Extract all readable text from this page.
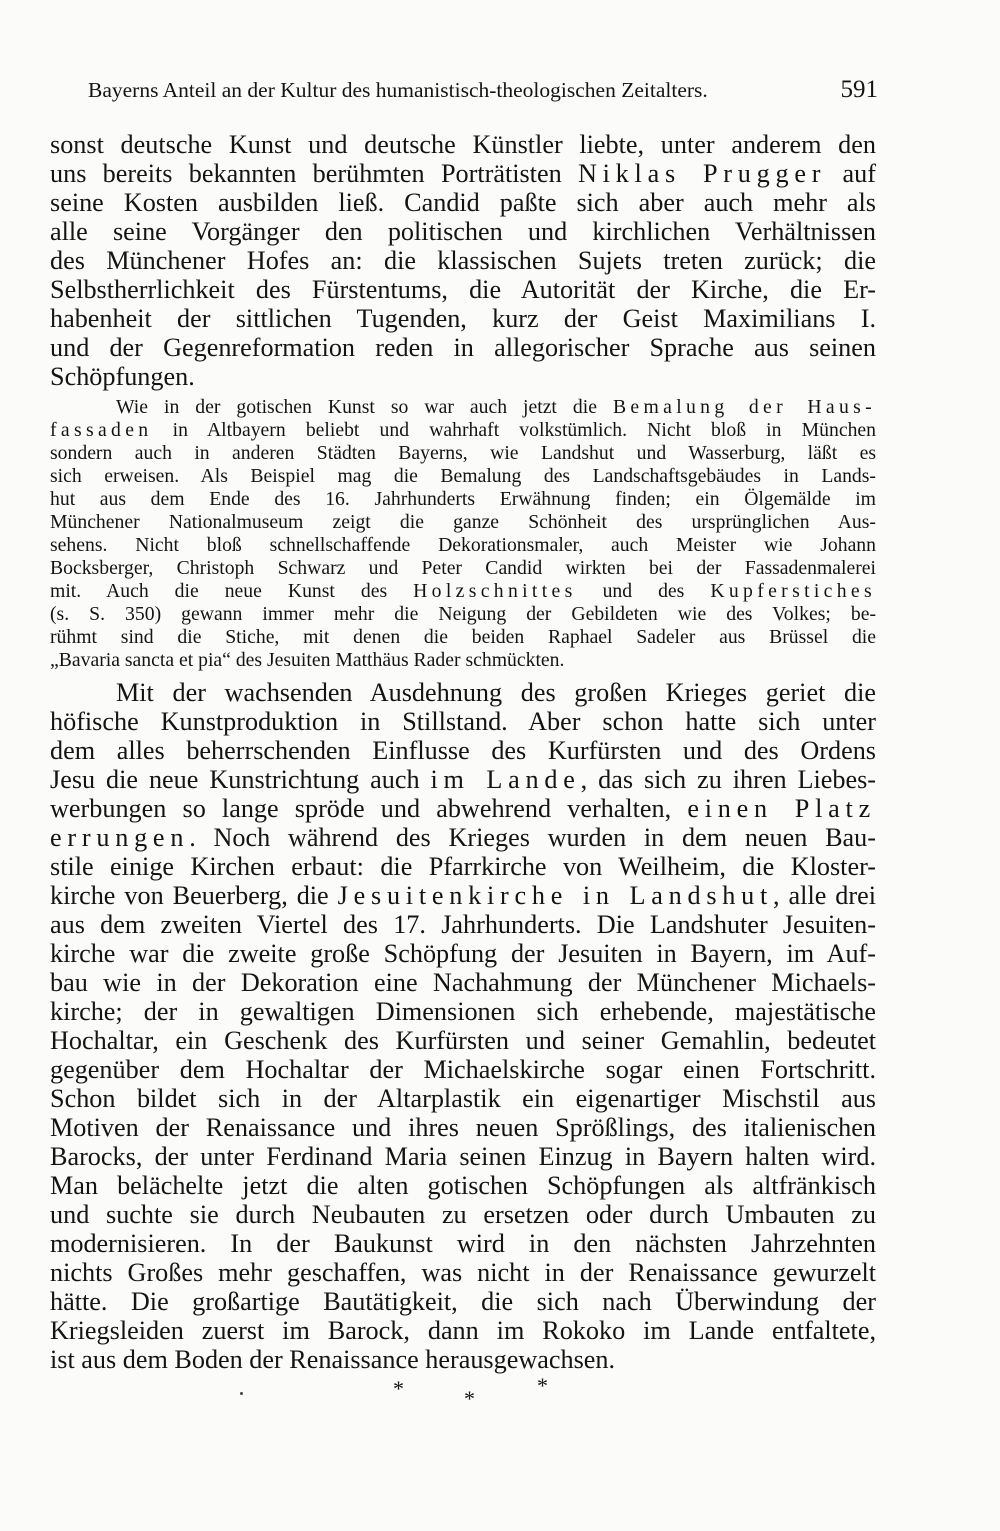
Bayerns Anteil an der Kultur des humanistisch-theologischen Zeitalters.	591
sonst deutsche Kunst und deutsche Künstler liebte, unter anderem den
uns bereits bekannten berühmten Porträtisten Niklas Prugger auf
seine Kosten ausbilden ließ. Candid paßte sich aber auch mehr als
alle seine Vorgänger den politischen und kirchlichen Verhältnissen
des Münchener Hofes an: die klassischen Sujets treten zurück; die
Selbstherrlichkeit des Fürstentums, die Autorität der Kirche, die Er-
habenheit der sittlichen Tugenden, kurz der Geist Maximilians I.
und der Gegenreformation reden in allegorischer Sprache aus seinen
Schöpfungen.
Wie in der gotischen Kunst so war auch jetzt die Bemalung der Haus-
fassaden in Altbayern beliebt und wahrhaft volkstümlich. Nicht bloß in München
sondern auch in anderen Städten Bayerns, wie Landshut und Wasserburg, läßt es
sich erweisen. Als Beispiel mag die Bemalung des Landschaftsgebäudes in Lands-
hut aus dem Ende des 16. Jahrhunderts Erwähnung finden; ein Ölgemälde im
Münchener Nationalmuseum zeigt die ganze Schönheit des ursprünglichen Aus-
sehens. Nicht bloß schnellschaffende Dekorationsmaler, auch Meister wie Johann
Bocksberger, Christoph Schwarz und Peter Candid wirkten bei der Fassadenmalerei
mit. Auch die neue Kunst des Holzschnittes und des Kupferstiches
(s. S. 350) gewann immer mehr die Neigung der Gebildeten wie des Volkes; be-
rühmt sind die Stiche, mit denen die beiden Raphael Sadeler aus Brüssel die
„Bavaria sancta et pia“ des Jesuiten Matthäus Rader schmückten.
Mit der wachsenden Ausdehnung des großen Krieges geriet die
höfische Kunstproduktion in Stillstand. Aber schon hatte sich unter
dem alles beherrschenden Einflusse des Kurfürsten und des Ordens
Jesu die neue Kunstrichtung auch im Lande, das sich zu ihren Liebes-
werbungen so lange spröde und abwehrend verhalten, einen Platz
errungen. Noch während des Krieges wurden in dem neuen Bau-
stile einige Kirchen erbaut: die Pfarrkirche von Weilheim, die Kloster-
kirche von Beuerberg, die Jesuitenkirche in Landshut, alle drei
aus dem zweiten Viertel des 17. Jahrhunderts. Die Landshuter Jesuiten-
kirche war die zweite große Schöpfung der Jesuiten in Bayern, im Auf-
bau wie in der Dekoration eine Nachahmung der Münchener Michaels-
kirche; der in gewaltigen Dimensionen sich erhebende, majestätische
Hochaltar, ein Geschenk des Kurfürsten und seiner Gemahlin, bedeutet
gegenüber dem Hochaltar der Michaelskirche sogar einen Fortschritt.
Schon bildet sich in der Altarplastik ein eigenartiger Mischstil aus
Motiven der Renaissance und ihres neuen Sprößlings, des italienischen
Barocks, der unter Ferdinand Maria seinen Einzug in Bayern halten wird.
Man belächelte jetzt die alten gotischen Schöpfungen als altfränkisch
und suchte sie durch Neubauten zu ersetzen oder durch Umbauten zu
modernisieren. In der Baukunst wird in den nächsten Jahrzehnten
nichts Großes mehr geschaffen, was nicht in der Renaissance gewurzelt
hätte. Die großartige Bautätigkeit, die sich nach Überwindung der
Kriegsleiden zuerst im Barock, dann im Rokoko im Lande entfaltete,
ist aus dem Boden der Renaissance herausgewachsen.
*	*
*
